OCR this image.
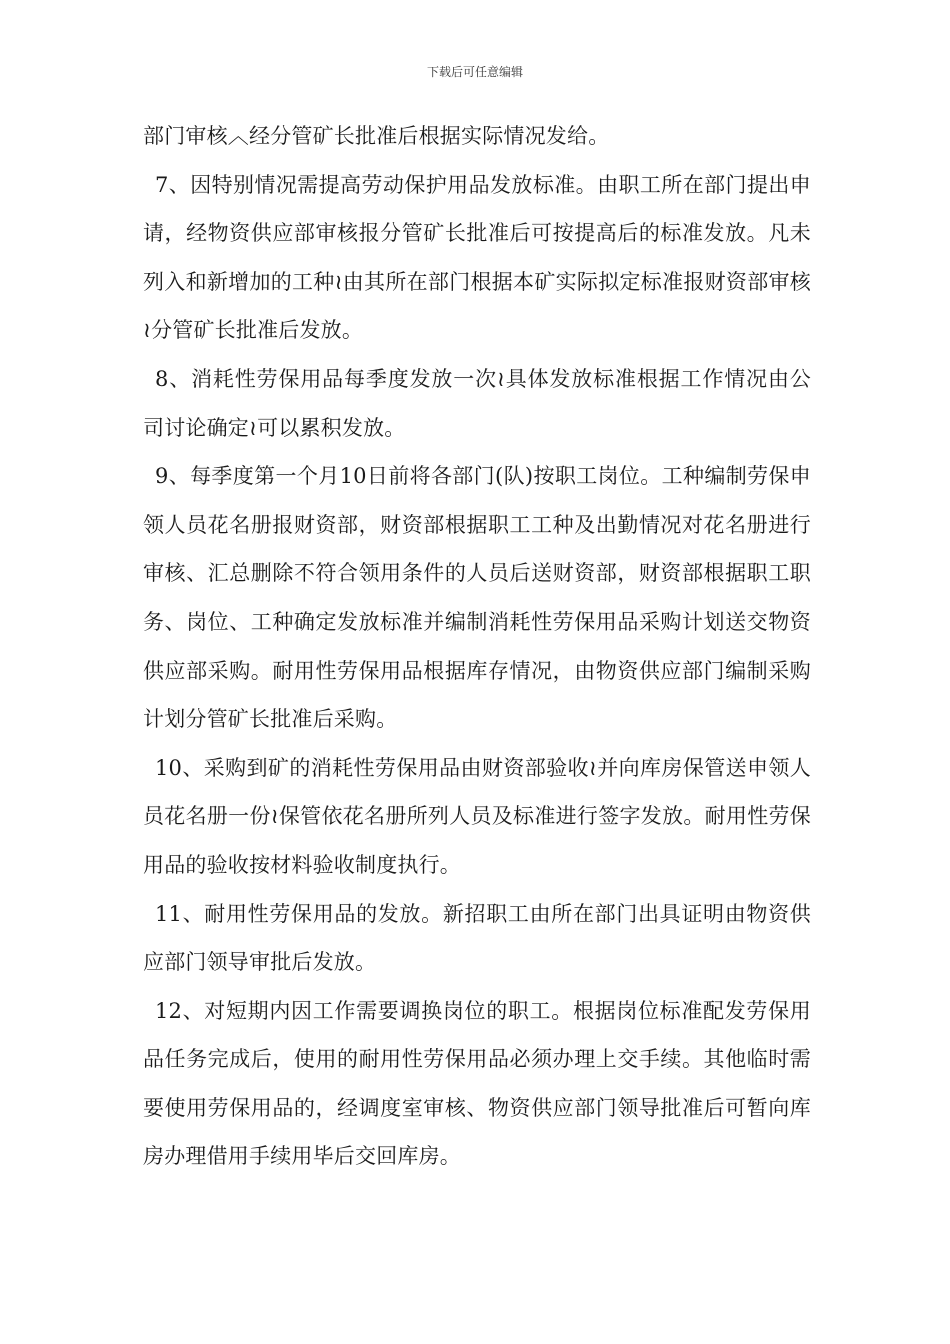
下载后可任意编辑

部门审核︿经分管矿长批准后根据实际情况发给。

7、因特别情况需提高劳动保护用品发放标准。由职工所在部门提出申请，经物资供应部审核报分管矿长批准后可按提高后的标准发放。凡未列入和新增加的工种≀由其所在部门根据本矿实际拟定标准报财资部审核≀分管矿长批准后发放。

8、消耗性劳保用品每季度发放一次≀具体发放标准根据工作情况由公司讨论确定≀可以累积发放。

9、每季度第一个月10日前将各部门(队)按职工岗位。工种编制劳保申领人员花名册报财资部，财资部根据职工工种及出勤情况对花名册进行审核、汇总删除不符合领用条件的人员后送财资部，财资部根据职工职务、岗位、工种确定发放标准并编制消耗性劳保用品采购计划送交物资供应部采购。耐用性劳保用品根据库存情况，由物资供应部门编制采购计划分管矿长批准后采购。

10、采购到矿的消耗性劳保用品由财资部验收≀并向库房保管送申领人员花名册一份≀保管依花名册所列人员及标准进行签字发放。耐用性劳保用品的验收按材料验收制度执行。

11、耐用性劳保用品的发放。新招职工由所在部门出具证明由物资供应部门领导审批后发放。

12、对短期内因工作需要调换岗位的职工。根据岗位标准配发劳保用品任务完成后，使用的耐用性劳保用品必须办理上交手续。其他临时需要使用劳保用品的，经调度室审核、物资供应部门领导批准后可暂向库房办理借用手续用毕后交回库房。
